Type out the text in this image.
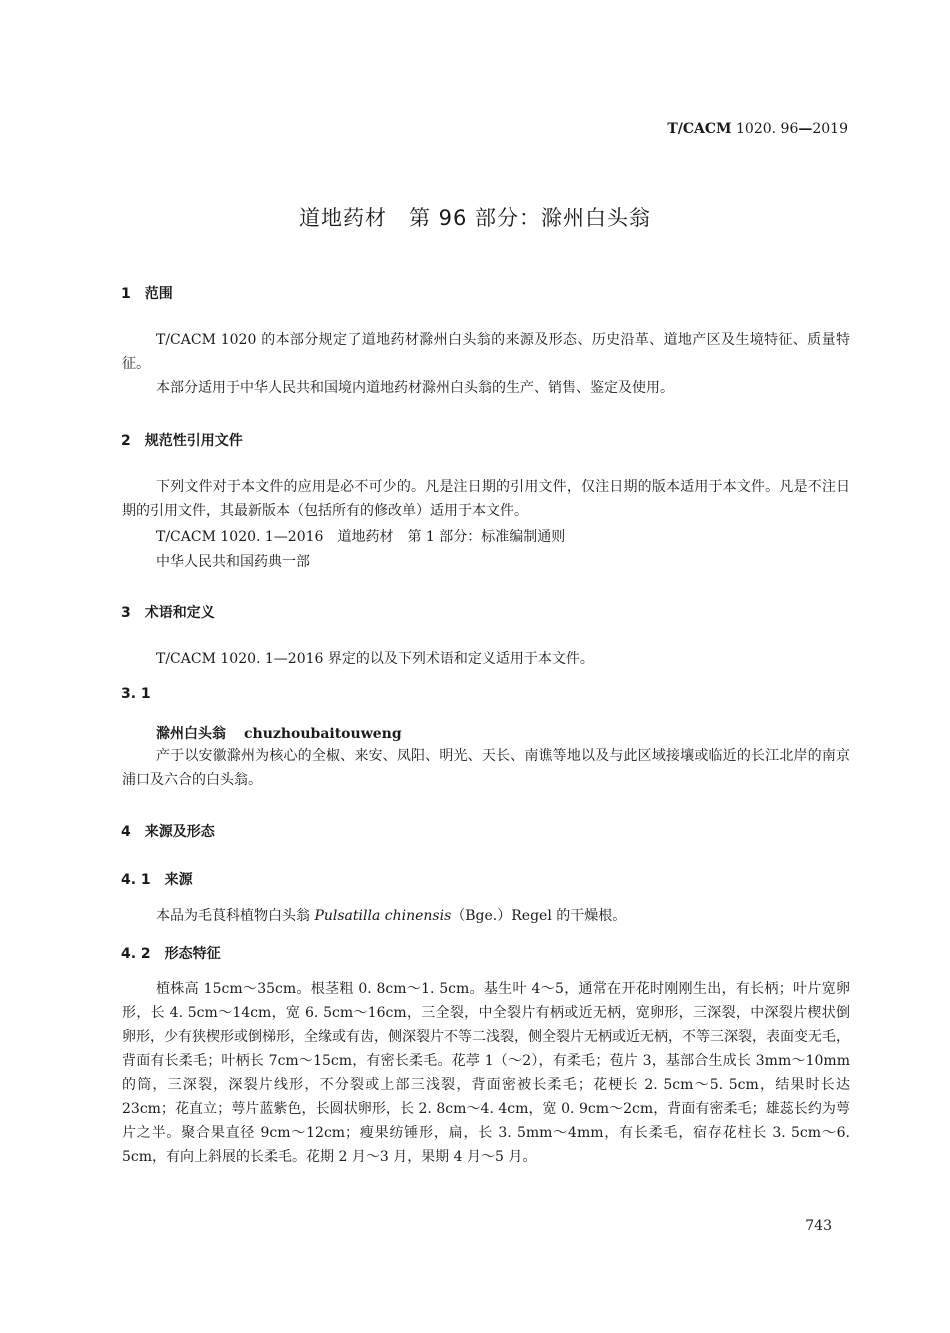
T/CACM 1020. 96—2019
道地药材　第 96 部分：滁州白头翁
1　范围

T/CACM 1020 的本部分规定了道地药材滁州白头翁的来源及形态、历史沿革、道地产区及生境特征、质量特征。

本部分适用于中华人民共和国境内道地药材滁州白头翁的生产、销售、鉴定及使用。

2　规范性引用文件

下列文件对于本文件的应用是必不可少的。凡是注日期的引用文件，仅注日期的版本适用于本文件。凡是不注日期的引用文件，其最新版本（包括所有的修改单）适用于本文件。

T/CACM 1020. 1—2016　道地药材　第 1 部分：标准编制通则
中华人民共和国药典一部
3　术语和定义

T/CACM 1020. 1—2016 界定的以及下列术语和定义适用于本文件。

3. 1
滁州白头翁 chuzhoubaitouweng

产于以安徽滁州为核心的全椒、来安、凤阳、明光、天长、南谯等地以及与此区域接壤或临近的长江北岸的南京浦口及六合的白头翁。

4　来源及形态
4. 1　来源
本品为毛茛科植物白头翁 Pulsatilla chinensis（Bge.）Regel 的干燥根。
4. 2　形态特征

植株高 15cm～35cm。根茎粗 0. 8cm～1. 5cm。基生叶 4～5，通常在开花时刚刚生出，有长柄；叶片宽卵形，长 4. 5cm～14cm，宽 6. 5cm～16cm，三全裂，中全裂片有柄或近无柄，宽卵形，三深裂，中深裂片楔状倒卵形，少有狭楔形或倒梯形，全缘或有齿，侧深裂片不等二浅裂，侧全裂片无柄或近无柄，不等三深裂，表面变无毛，背面有长柔毛；叶柄长 7cm～15cm，有密长柔毛。花葶 1（～2），有柔毛；苞片 3，基部合生成长 3mm～10mm 的筒，三深裂，深裂片线形，不分裂或上部三浅裂，背面密被长柔毛；花梗长 2. 5cm～5. 5cm，结果时长达 23cm；花直立；萼片蓝紫色，长圆状卵形，长 2. 8cm～4. 4cm，宽 0. 9cm～2cm，背面有密柔毛；雄蕊长约为萼片之半。聚合果直径 9cm～12cm；瘦果纺锤形，扁，长 3. 5mm～4mm，有长柔毛，宿存花柱长 3. 5cm～6. 5cm，有向上斜展的长柔毛。花期 2 月～3 月，果期 4 月～5 月。

743
